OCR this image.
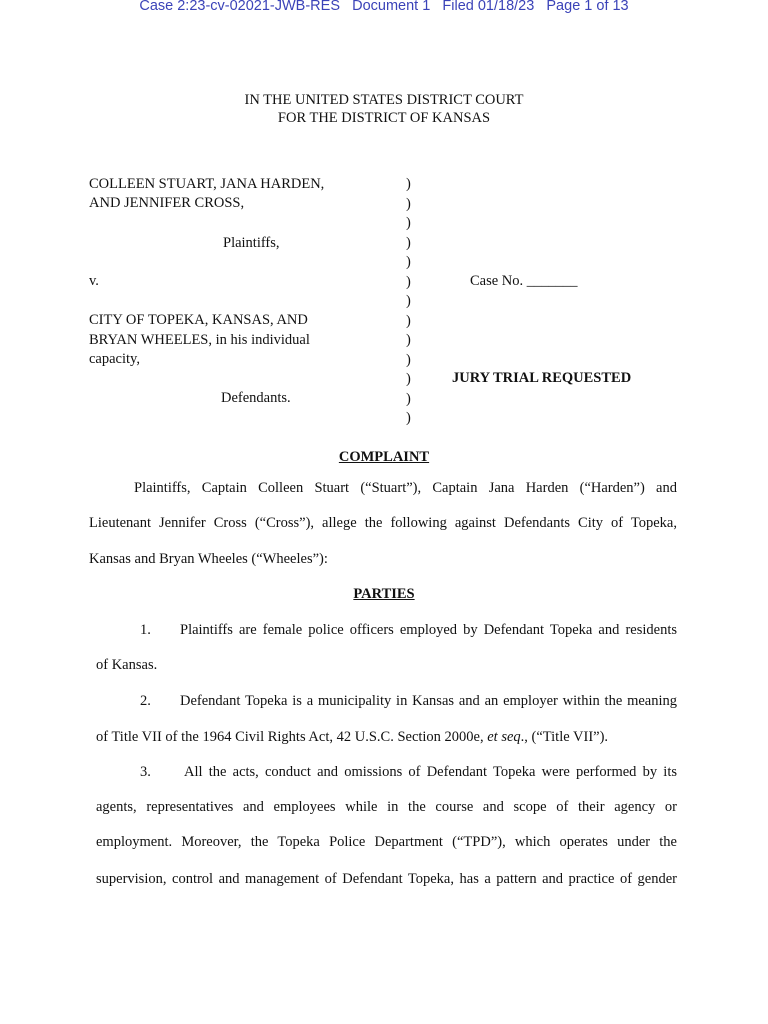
Case 2:23-cv-02021-JWB-RES Document 1 Filed 01/18/23 Page 1 of 13
IN THE UNITED STATES DISTRICT COURT
FOR THE DISTRICT OF KANSAS
COLLEEN STUART, JANA HARDEN,
AND JENNIFER CROSS,
Plaintiffs,
v.
CITY OF TOPEKA, KANSAS, AND
BRYAN WHEELES, in his individual
capacity,
Defendants.
)
)
)
)
)
)
)
)
)
)
)
)
)
Case No. _______
JURY TRIAL REQUESTED
COMPLAINT
Plaintiffs, Captain Colleen Stuart (“Stuart”), Captain Jana Harden (“Harden”) and
Lieutenant Jennifer Cross (“Cross”), allege the following against Defendants City of Topeka,
Kansas and Bryan Wheeles (“Wheeles”):
PARTIES
1. Plaintiffs are female police officers employed by Defendant Topeka and residents
of Kansas.
2. Defendant Topeka is a municipality in Kansas and an employer within the meaning
of Title VII of the 1964 Civil Rights Act, 42 U.S.C. Section 2000e, et seq., (“Title VII”).
3. All the acts, conduct and omissions of Defendant Topeka were performed by its
agents, representatives and employees while in the course and scope of their agency or
employment. Moreover, the Topeka Police Department (“TPD”), which operates under the
supervision, control and management of Defendant Topeka, has a pattern and practice of gender
